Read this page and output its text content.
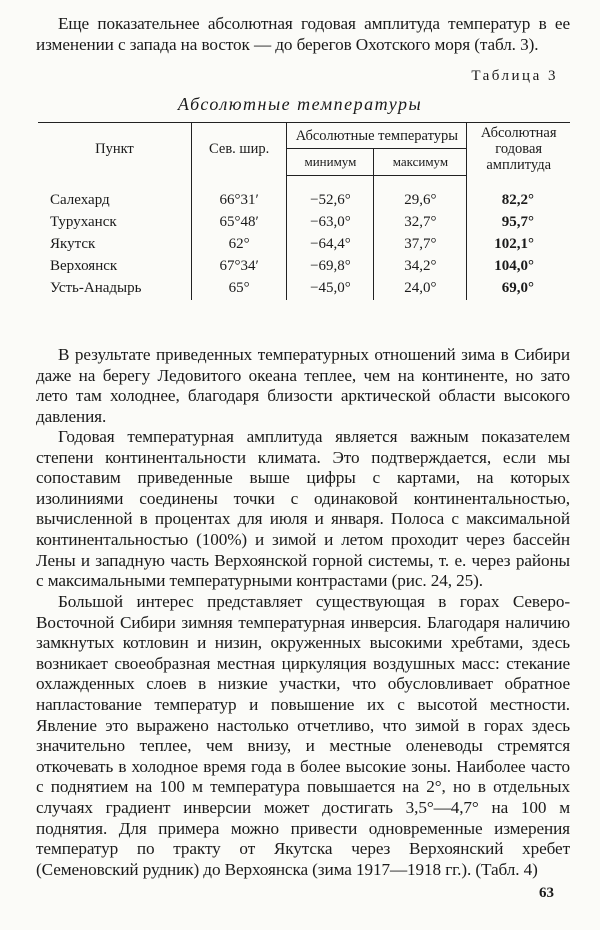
Еще показательнее абсолютная годовая амплитуда температур в ее изменении с запада на восток — до берегов Охотского моря (табл. 3).

Таблица 3
Абсолютные температуры
Пункт	Сев. шир.	Абсолютные температуры		Абсолютная годовая амплитуда
		минимум	максимум	
Салехард	66°31′	−52,6°	29,6°	82,2°
Туруханск	65°48′	−63,0°	32,7°	95,7°
Якутск	62°	−64,4°	37,7°	102,1°
Верхоянск	67°34′	−69,8°	34,2°	104,0°
Усть-Анадырь	65°	−45,0°	24,0°	69,0°

В результате приведенных температурных отношений зима в Сибири даже на берегу Ледовитого океана теплее, чем на континенте, но зато лето там холоднее, благодаря близости арктической области высокого давления.

Годовая температурная амплитуда является важным показателем степени континентальности климата. Это подтверждается, если мы сопоставим приведенные выше цифры с картами, на которых изолиниями соединены точки с одинаковой континентальностью, вычисленной в процентах для июля и января. Полоса с максимальной континентальностью (100%) и зимой и летом проходит через бассейн Лены и западную часть Верхоянской горной системы, т. е. через районы с максимальными температурными контрастами (рис. 24, 25).

Большой интерес представляет существующая в горах Северо-Восточной Сибири зимняя температурная инверсия. Благодаря наличию замкнутых котловин и низин, окруженных высокими хребтами, здесь возникает своеобразная местная циркуляция воздушных масс: стекание охлажденных слоев в низкие участки, что обусловливает обратное напластование температур и повышение их с высотой местности. Явление это выражено настолько отчетливо, что зимой в горах здесь значительно теплее, чем внизу, и местные оленеводы стремятся откочевать в холодное время года в более высокие зоны. Наиболее часто с поднятием на 100 м температура повышается на 2°, но в отдельных случаях градиент инверсии может достигать 3,5°—4,7° на 100 м поднятия. Для примера можно привести одновременные измерения температур по тракту от Якутска через Верхоянский хребет (Семеновский рудник) до Верхоянска (зима 1917—1918 гг.). (Табл. 4)

63
